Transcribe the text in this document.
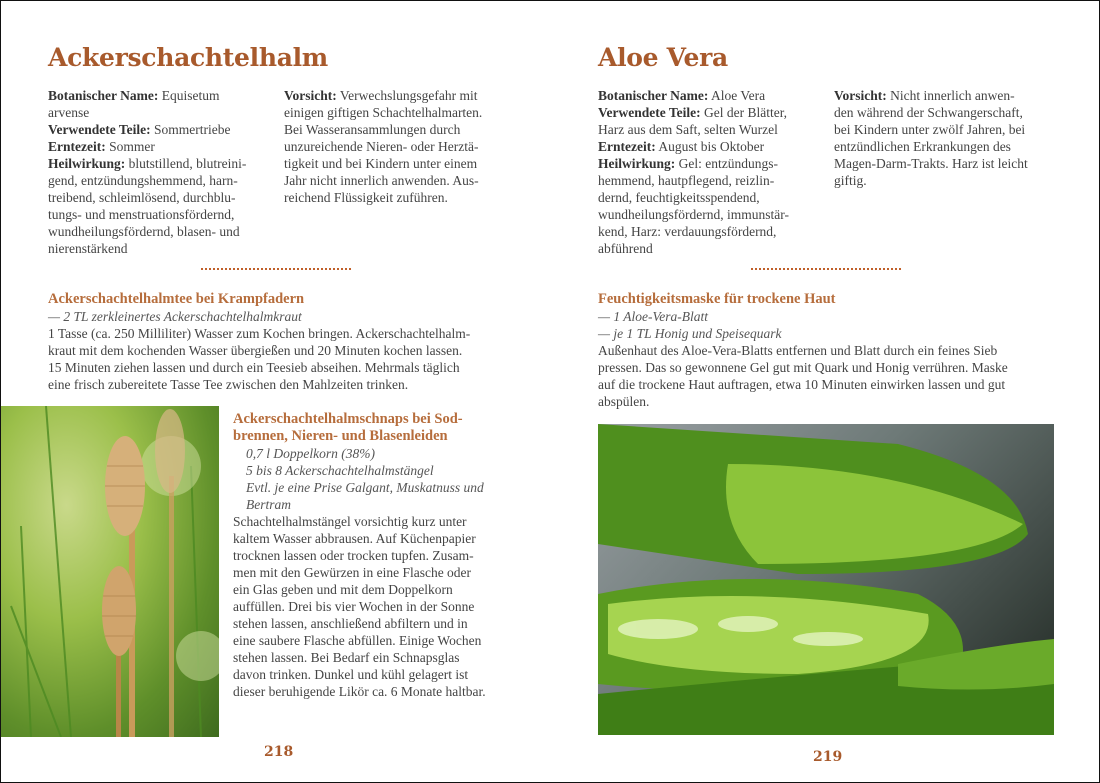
Ackerschachtelhalm
Botanischer Name: Equisetum
arvense
Verwendete Teile: Sommertriebe
Erntezeit: Sommer
Heilwirkung: blutstillend, blutreini-
gend, entzündungshemmend, harn-
treibend, schleimlösend, durchblu-
tungs- und menstruationsfördernd,
wundheilungsfördernd, blasen- und
nierenstärkend
Vorsicht: Verwechslungsgefahr mit
einigen giftigen Schachtelhalmarten.
Bei Wasseransammlungen durch
unzureichende Nieren- oder Herztä-
tigkeit und bei Kindern unter einem
Jahr nicht innerlich anwenden. Aus-
reichend Flüssigkeit zuführen.
Ackerschachtelhalmtee bei Krampfadern
— 2 TL zerkleinertes Ackerschachtelhalmkraut
1 Tasse (ca. 250 Milliliter) Wasser zum Kochen bringen. Ackerschachtelhalm-
kraut mit dem kochenden Wasser übergießen und 20 Minuten kochen lassen.
15 Minuten ziehen lassen und durch ein Teesieb abseihen. Mehrmals täglich
eine frisch zubereitete Tasse Tee zwischen den Mahlzeiten trinken.
Ackerschachtelhalmschnaps bei Sod-
brennen, Nieren- und Blasenleiden
0,7 l Doppelkorn (38%)
5 bis 8 Ackerschachtelhalmstängel
Evtl. je eine Prise Galgant, Muskatnuss und
Bertram
Schachtelhalmstängel vorsichtig kurz unter
kaltem Wasser abbrausen. Auf Küchenpapier
trocknen lassen oder trocken tupfen. Zusam-
men mit den Gewürzen in eine Flasche oder
ein Glas geben und mit dem Doppelkorn
auffüllen. Drei bis vier Wochen in der Sonne
stehen lassen, anschließend abfiltern und in
eine saubere Flasche abfüllen. Einige Wochen
stehen lassen. Bei Bedarf ein Schnapsglas
davon trinken. Dunkel und kühl gelagert ist
dieser beruhigende Likör ca. 6 Monate haltbar.
218
Aloe Vera
Botanischer Name: Aloe Vera
Verwendete Teile: Gel der Blätter,
Harz aus dem Saft, selten Wurzel
Erntezeit: August bis Oktober
Heilwirkung: Gel: entzündungs-
hemmend, hautpflegend, reizlin-
dernd, feuchtigkeitsspendend,
wundheilungsfördernd, immunstär-
kend, Harz: verdauungsfördernd,
abführend
Vorsicht: Nicht innerlich anwen-
den während der Schwangerschaft,
bei Kindern unter zwölf Jahren, bei
entzündlichen Erkrankungen des
Magen-Darm-Trakts. Harz ist leicht
giftig.
Feuchtigkeitsmaske für trockene Haut
— 1 Aloe-Vera-Blatt
— je 1 TL Honig und Speisequark
Außenhaut des Aloe-Vera-Blatts entfernen und Blatt durch ein feines Sieb
pressen. Das so gewonnene Gel gut mit Quark und Honig verrühren. Maske
auf die trockene Haut auftragen, etwa 10 Minuten einwirken lassen und gut
abspülen.
219
